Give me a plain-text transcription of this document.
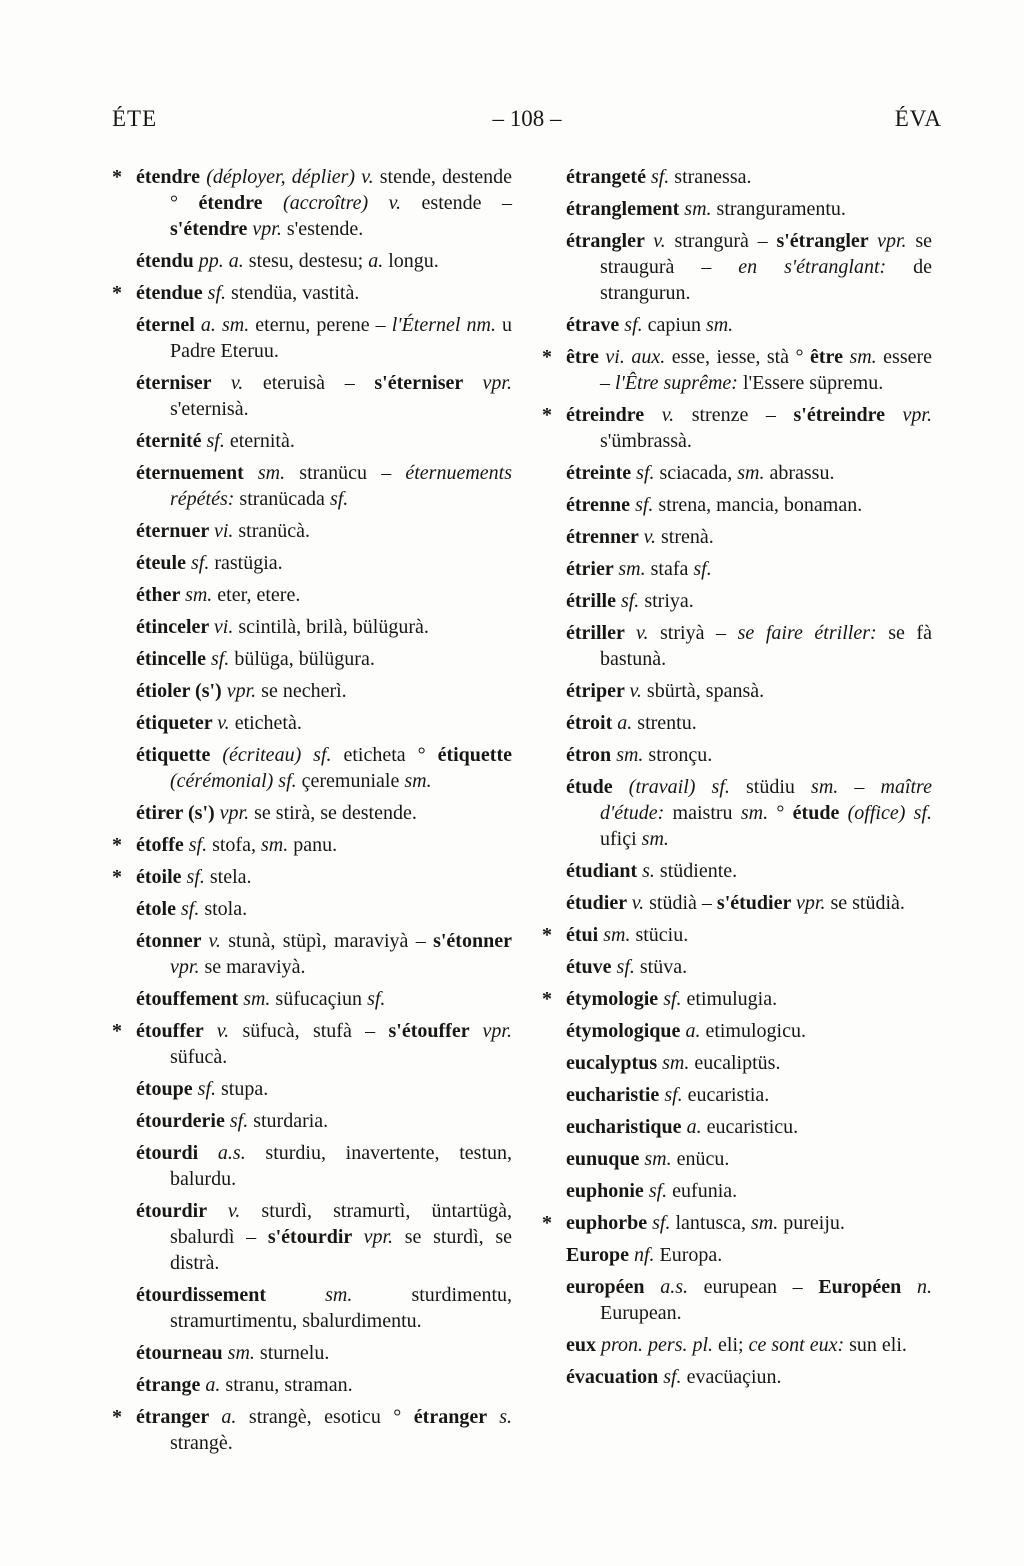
ÉTE	– 108 –	ÉVA

* étendre (déployer, déplier) v. stende, destende ° étendre (accroître) v. estende – s'étendre vpr. s'estende.

étendu pp. a. stesu, destesu; a. longu.

* étendue sf. stendüa, vastità.

éternel a. sm. eternu, perene – l'Éternel nm. u Padre Eteruu.

éterniser v. eteruisà – s'éterniser vpr. s'eternisà.

éternité sf. eternità.

éternuement sm. stranücu – éternuements répétés: stranücada sf.

éternuer vi. stranücà.

éteule sf. rastügia.

éther sm. eter, etere.

étinceler vi. scintilà, brilà, bülügurà.

étincelle sf. bülüga, bülügura.

étioler (s') vpr. se necherì.

étiqueter v. etichetà.

étiquette (écriteau) sf. eticheta ° étiquette (cérémonial) sf. çeremuniale sm.

étirer (s') vpr. se stirà, se destende.

* étoffe sf. stofa, sm. panu.

* étoile sf. stela.

étole sf. stola.

étonner v. stunà, stüpì, maraviyà – s'étonner vpr. se maraviyà.

étouffement sm. süfucaçiun sf.

* étouffer v. süfucà, stufà – s'étouffer vpr. süfucà.

étoupe sf. stupa.

étourderie sf. sturdaria.

étourdi a.s. sturdiu, inavertente, testun, balurdu.

étourdir v. sturdì, stramurtì, üntartügà, sbalurdì – s'étourdir vpr. se sturdì, se distrà.

étourdissement sm. sturdimentu, stramurtimentu, sbalurdimentu.

étourneau sm. sturnelu.

étrange a. stranu, straman.

* étranger a. strangè, esoticu ° étranger s. strangè.

étrangeté sf. stranessa.

étranglement sm. stranguramentu.

étrangler v. strangurà – s'étrangler vpr. se straugurà – en s'étranglant: de strangurun.

étrave sf. capiun sm.

* être vi. aux. esse, iesse, stà ° être sm. essere – l'Être suprême: l'Essere süpremu.

* étreindre v. strenze – s'étreindre vpr. s'ümbrassà.

étreinte sf. sciacada, sm. abrassu.

étrenne sf. strena, mancia, bonaman.

étrenner v. strenà.

étrier sm. stafa sf.

étrille sf. striya.

étriller v. striyà – se faire étriller: se fà bastunà.

étriper v. sbürtà, spansà.

étroit a. strentu.

étron sm. stronçu.

étude (travail) sf. stüdiu sm. – maître d'étude: maistru sm. ° étude (office) sf. ufiçi sm.

étudiant s. stüdiente.

étudier v. stüdià – s'étudier vpr. se stüdià.

* étui sm. stüciu.

étuve sf. stüva.

* étymologie sf. etimulugia.

étymologique a. etimulogicu.

eucalyptus sm. eucaliptüs.

eucharistie sf. eucaristia.

eucharistique a. eucaristicu.

eunuque sm. enücu.

euphonie sf. eufunia.

* euphorbe sf. lantusca, sm. pureiju.

Europe nf. Europa.

européen a.s. eurupean – Européen n. Eurupean.

eux pron. pers. pl. eli; ce sont eux: sun eli.

évacuation sf. evacüaçiun.
